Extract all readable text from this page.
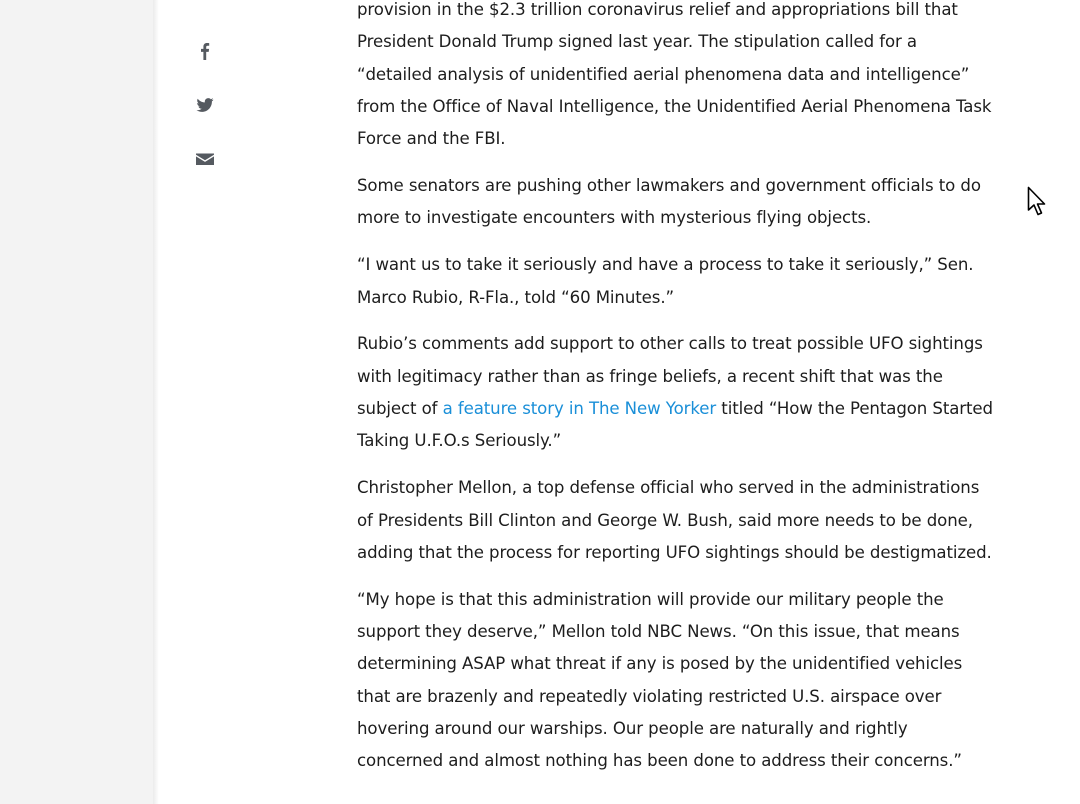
provision in the $2.3 trillion coronavirus relief and appropriations bill that President Donald Trump signed last year. The stipulation called for a “detailed analysis of unidentified aerial phenomena data and intelligence” from the Office of Naval Intelligence, the Unidentified Aerial Phenomena Task Force and the FBI.

Some senators are pushing other lawmakers and government officials to do more to investigate encounters with mysterious flying objects.

“I want us to take it seriously and have a process to take it seriously,” Sen. Marco Rubio, R-Fla., told “60 Minutes.”

Rubio’s comments add support to other calls to treat possible UFO sightings with legitimacy rather than as fringe beliefs, a recent shift that was the subject of a feature story in The New Yorker titled “How the Pentagon Started Taking U.F.O.s Seriously.”

Christopher Mellon, a top defense official who served in the administrations of Presidents Bill Clinton and George W. Bush, said more needs to be done, adding that the process for reporting UFO sightings should be destigmatized.

“My hope is that this administration will provide our military people the support they deserve,” Mellon told NBC News. “On this issue, that means determining ASAP what threat if any is posed by the unidentified vehicles that are brazenly and repeatedly violating restricted U.S. airspace over hovering around our warships. Our people are naturally and rightly concerned and almost nothing has been done to address their concerns.”
